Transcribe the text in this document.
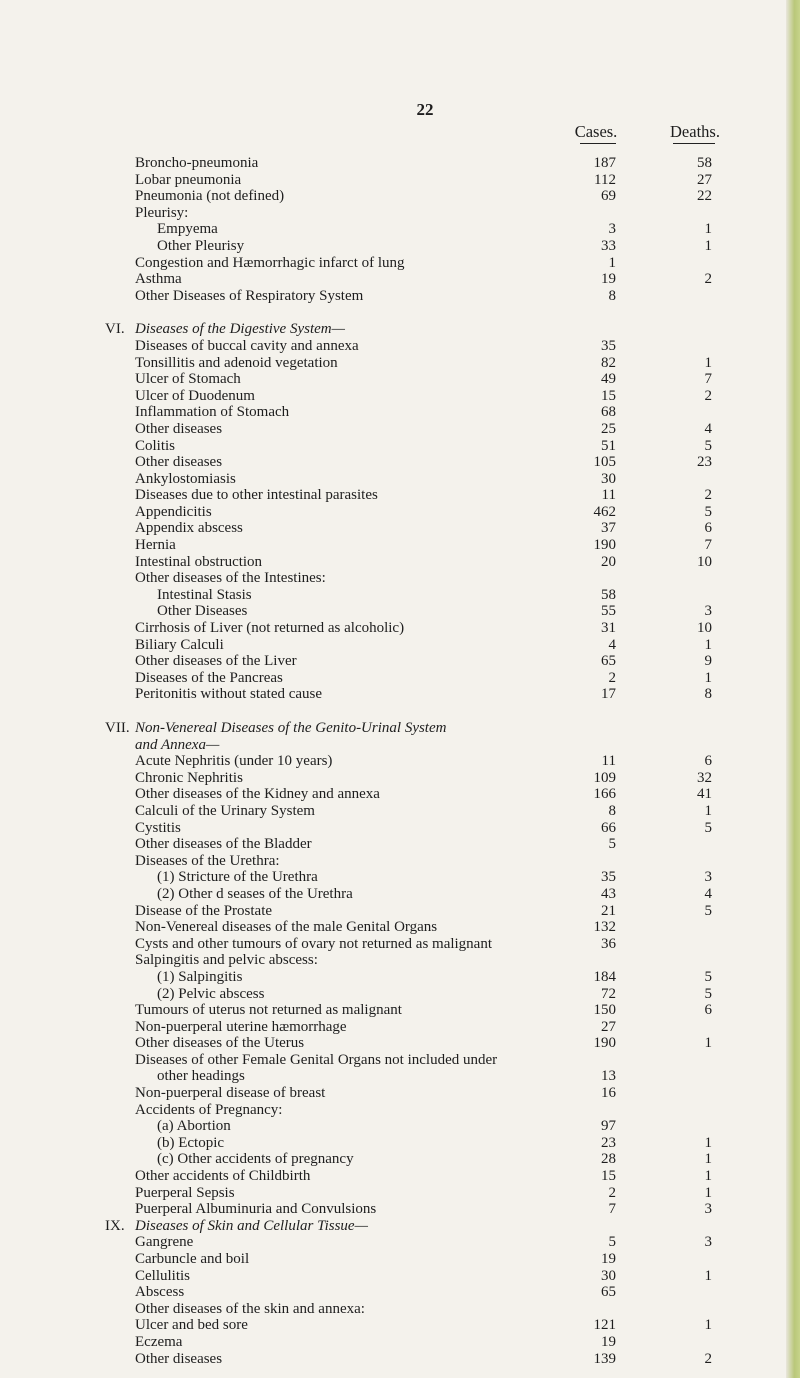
22
Cases.	Deaths.
Broncho-pneumonia	187	58
Lobar pneumonia	112	27
Pneumonia (not defined)	69	22
Pleurisy:
Empyema	3	1
Other Pleurisy	33	1
Congestion and Hæmorrhagic infarct of lung	1
Asthma	19	2
Other Diseases of Respiratory System	8
VI. Diseases of the Digestive System—
Diseases of buccal cavity and annexa	35
Tonsillitis and adenoid vegetation	82	1
Ulcer of Stomach	49	7
Ulcer of Duodenum	15	2
Inflammation of Stomach	68
Other diseases	25	4
Colitis	51	5
Other diseases	105	23
Ankylostomiasis	30
Diseases due to other intestinal parasites	11	2
Appendicitis	462	5
Appendix abscess	37	6
Hernia	190	7
Intestinal obstruction	20	10
Other diseases of the Intestines:
Intestinal Stasis	58
Other Diseases	55	3
Cirrhosis of Liver (not returned as alcoholic)	31	10
Biliary Calculi	4	1
Other diseases of the Liver	65	9
Diseases of the Pancreas	2	1
Peritonitis without stated cause	17	8
VII. Non-Venereal Diseases of the Genito-Urinal System
and Annexa—
Acute Nephritis (under 10 years)	11	6
Chronic Nephritis	109	32
Other diseases of the Kidney and annexa	166	41
Calculi of the Urinary System	8	1
Cystitis	66	5
Other diseases of the Bladder	5
Diseases of the Urethra:
(1) Stricture of the Urethra	35	3
(2) Other d seases of the Urethra	43	4
Disease of the Prostate	21	5
Non-Venereal diseases of the male Genital Organs	132
Cysts and other tumours of ovary not returned as malignant	36
Salpingitis and pelvic abscess:
(1) Salpingitis	184	5
(2) Pelvic abscess	72	5
Tumours of uterus not returned as malignant	150	6
Non-puerperal uterine hæmorrhage	27
Other diseases of the Uterus	190	1
Diseases of other Female Genital Organs not included under
other headings	13
Non-puerperal disease of breast	16
Accidents of Pregnancy:
(a) Abortion	97
(b) Ectopic	23	1
(c) Other accidents of pregnancy	28	1
Other accidents of Childbirth	15	1
Puerperal Sepsis	2	1
Puerperal Albuminuria and Convulsions	7	3
IX. Diseases of Skin and Cellular Tissue—
Gangrene	5	3
Carbuncle and boil	19
Cellulitis	30	1
Abscess	65
Other diseases of the skin and annexa:
Ulcer and bed sore	121	1
Eczema	19
Other diseases	139	2
